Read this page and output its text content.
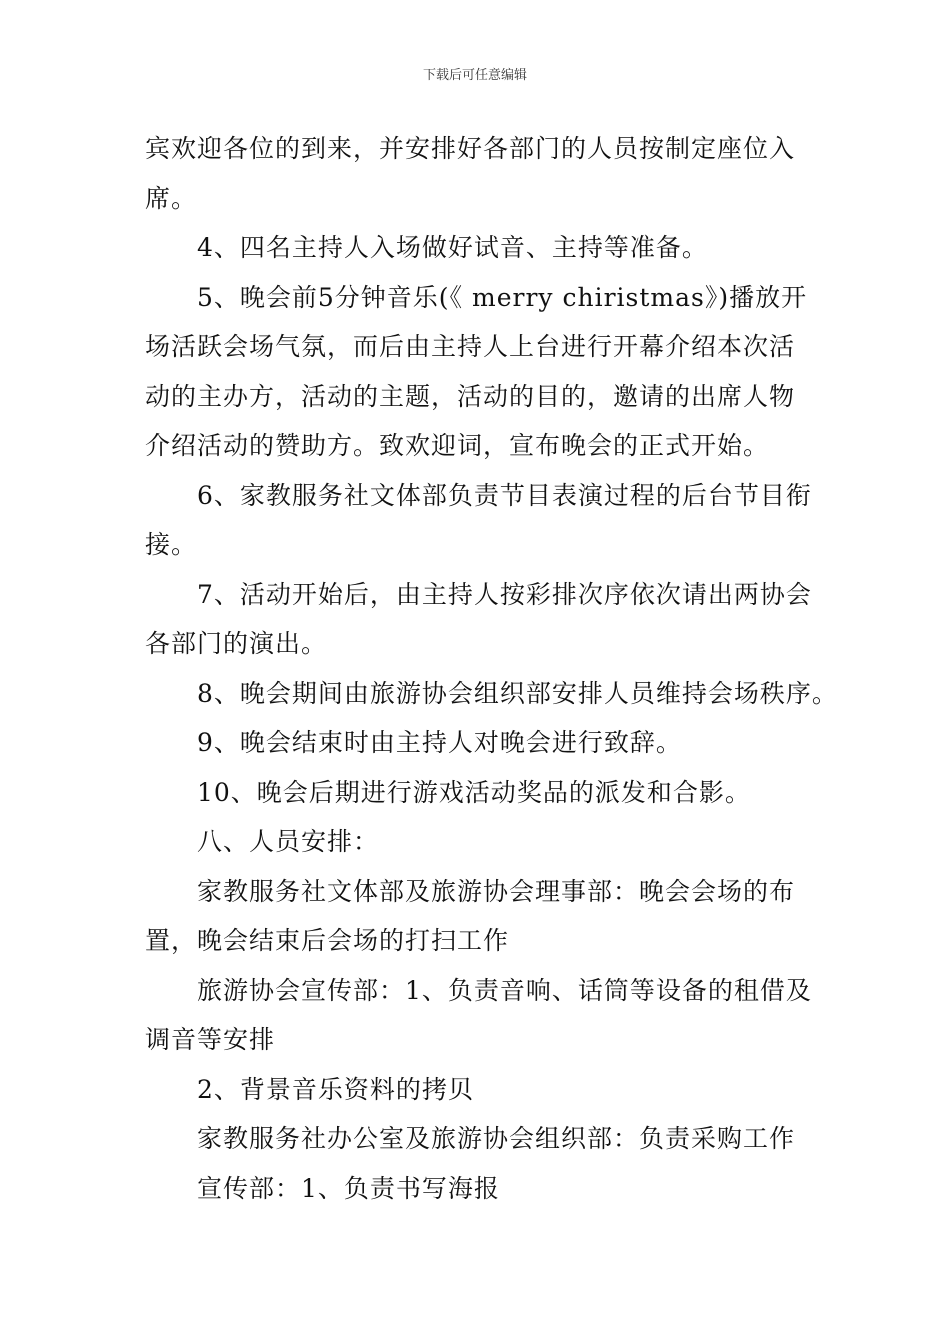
下载后可任意编辑

宾欢迎各位的到来，并安排好各部门的人员按制定座位入

席。

4、四名主持人入场做好试音、主持等准备。

5、晚会前5分钟音乐(《 merry chiristmas》)播放开

场活跃会场气氛，而后由主持人上台进行开幕介绍本次活

动的主办方，活动的主题，活动的目的，邀请的出席人物

介绍活动的赞助方。致欢迎词，宣布晚会的正式开始。

6、家教服务社文体部负责节目表演过程的后台节目衔

接。

7、活动开始后，由主持人按彩排次序依次请出两协会

各部门的演出。

8、晚会期间由旅游协会组织部安排人员维持会场秩序。

9、晚会结束时由主持人对晚会进行致辞。

10、晚会后期进行游戏活动奖品的派发和合影。

八、人员安排：

家教服务社文体部及旅游协会理事部：晚会会场的布

置，晚会结束后会场的打扫工作

旅游协会宣传部：1、负责音响、话筒等设备的租借及

调音等安排

2、背景音乐资料的拷贝

家教服务社办公室及旅游协会组织部：负责采购工作

宣传部：1、负责书写海报
